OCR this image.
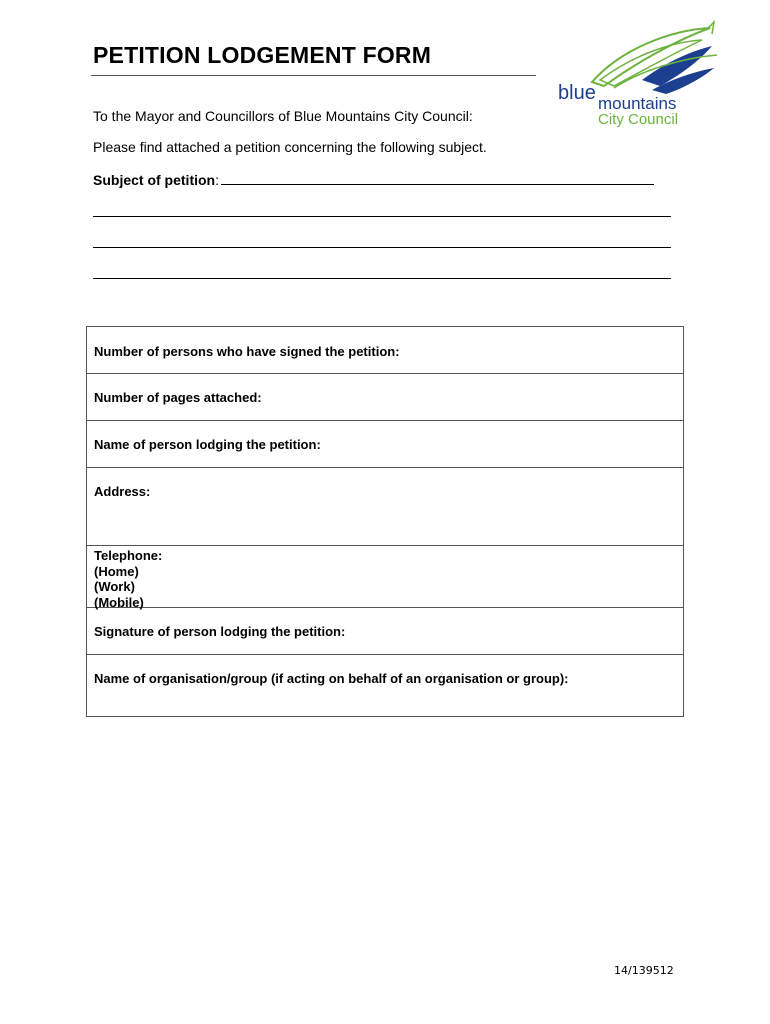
PETITION LODGEMENT FORM
blue mountains
City Council

To the Mayor and Councillors of Blue Mountains City Council:

Please find attached a petition concerning the following subject.

Subject of petition:
Number of persons who have signed the petition:
Number of pages attached:
Name of person lodging the petition:
Address:
Telephone:
(Home)
(Work)
(Mobile)
Signature of person lodging the petition:
Name of organisation/group (if acting on behalf of an organisation or group):
14/139512
